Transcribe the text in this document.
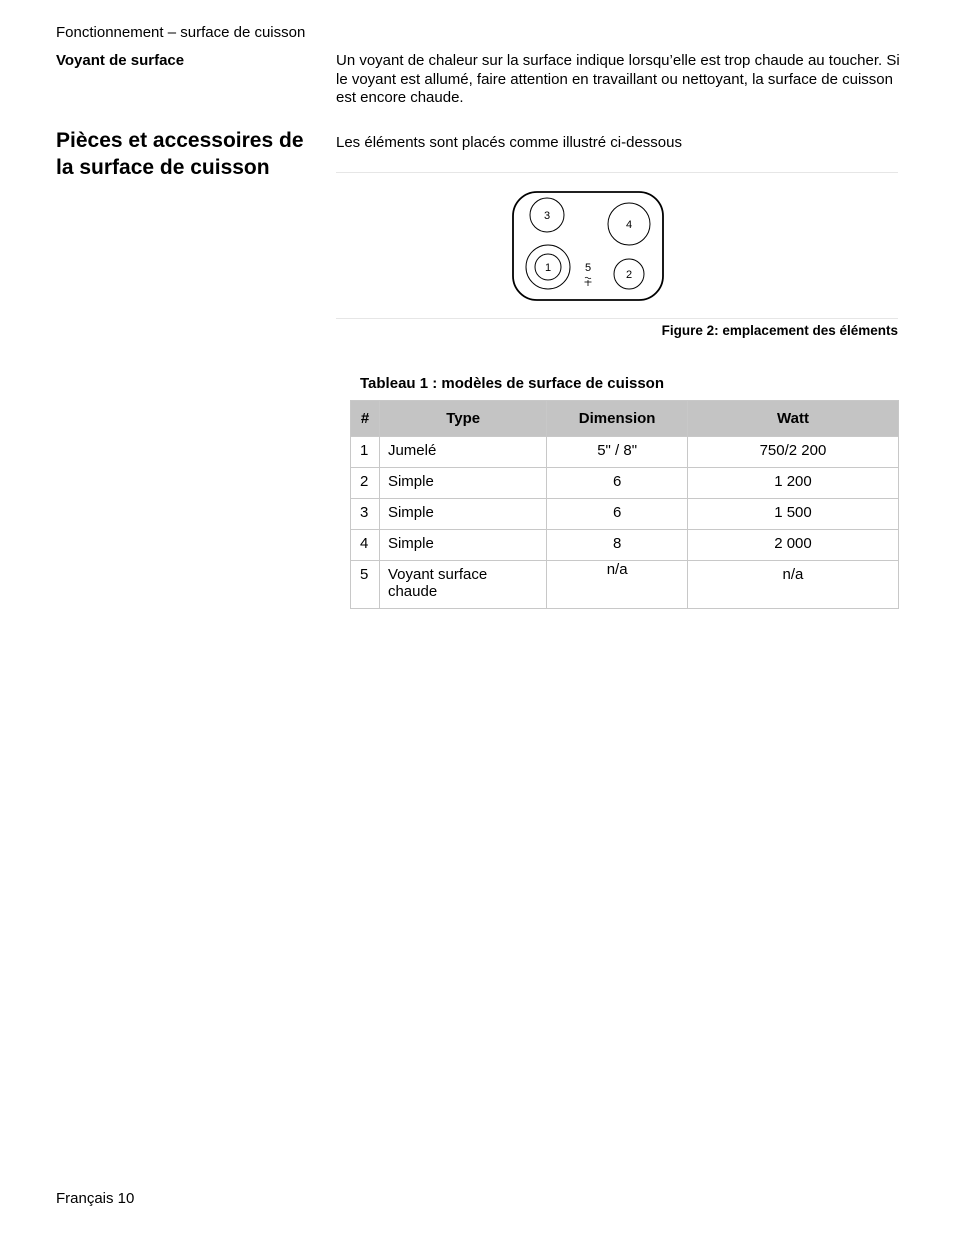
Fonctionnement – surface de cuisson
Voyant de surface	Un voyant de chaleur sur la surface indique lorsqu’elle est trop chaude au toucher. Si le voyant est allumé, faire attention en travaillant ou nettoyant, la surface de cuisson est encore chaude.
Pièces et accessoires de la surface de cuisson
Les éléments sont placés comme illustré ci-dessous
3
4
1
2
5
Figure 2: emplacement des éléments
Tableau 1 : modèles de surface de cuisson
#	Type	Dimension	Watt
1	Jumelé	5" / 8"	750/2 200
2	Simple	6	1 200
3	Simple	6	1 500
4	Simple	8	2 000
5	Voyant surface chaude	n/a	n/a
Français 10
